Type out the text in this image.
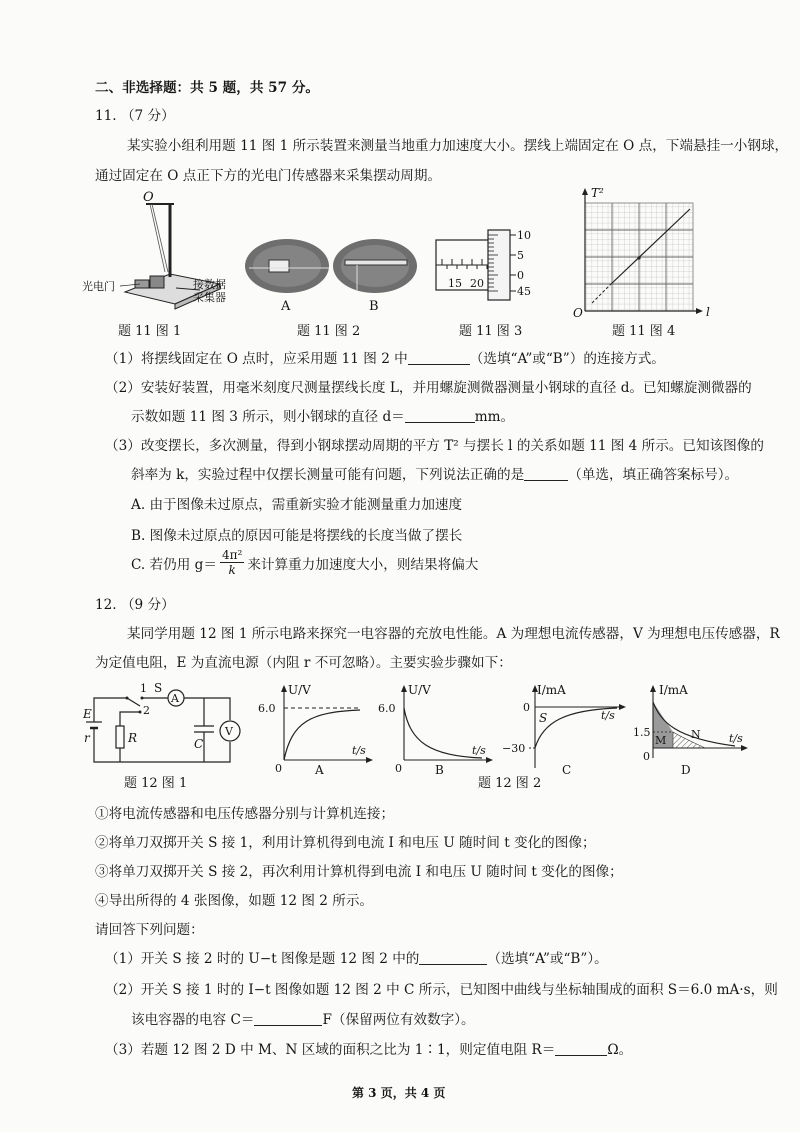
二、非选择题：共 5 题，共 57 分。
11. （7 分）
某实验小组利用题 11 图 1 所示装置来测量当地重力加速度大小。摆线上端固定在 O 点，下端悬挂一小钢球，
通过固定在 O 点正下方的光电门传感器来采集摆动周期。
O
光电门	接数据
采集器
题 11 图 1
A	B
题 11 图 2
10
5
0
45
15 20
题 11 图 3
T²
l
O
题 11 图 4
（1）将摆线固定在 O 点时，应采用题 11 图 2 中	（选填“A”或“B”）的连接方式。
（2）安装好装置，用毫米刻度尺测量摆线长度 L，并用螺旋测微器测量小钢球的直径 d。已知螺旋测微器的
示数如题 11 图 3 所示，则小钢球的直径 d＝	mm。
（3）改变摆长，多次测量，得到小钢球摆动周期的平方 T² 与摆长 l 的关系如题 11 图 4 所示。已知该图像的
斜率为 k，实验过程中仅摆长测量可能有问题，下列说法正确的是	（单选，填正确答案标号）。
A. 由于图像未过原点，需重新实验才能测量重力加速度
B. 图像未过原点的原因可能是将摆线的长度当做了摆长
C. 若仍用 $g= \frac{\text{4π²}}{k}$ 来计算重力加速度大小，则结果将偏大
12. （9 分）
某同学用题 12 图 1 所示电路来探究一电容器的充放电性能。A 为理想电流传感器，V 为理想电压传感器，R
为定值电阻，E 为直流电源（内阻 r 不可忽略）。主要实验步骤如下：
1 S
2
A
V
E
r	R	C
题 12 图 1
U/V
6.0
0
t/s
A
U/V
6.0
0
t/s
B
I/mA
0
−30
S	t/s
C
题 12 图 2
I/mA
1.5
0
M N	t/s
D
①将电流传感器和电压传感器分别与计算机连接；
②将单刀双掷开关 S 接 1，利用计算机得到电流 I 和电压 U 随时间 t 变化的图像；
③将单刀双掷开关 S 接 2，再次利用计算机得到电流 I 和电压 U 随时间 t 变化的图像；
④导出所得的 4 张图像，如题 12 图 2 所示。
请回答下列问题：
（1）开关 S 接 2 时的 U−t 图像是题 12 图 2 中的	（选填“A”或“B”）。
（2）开关 S 接 1 时的 I−t 图像如题 12 图 2 中 C 所示，已知图中曲线与坐标轴围成的面积 S＝6.0 mA·s，则
该电容器的电容 C＝	F（保留两位有效数字）。
（3）若题 12 图 2 D 中 M、N 区域的面积之比为 1∶1，则定值电阻 R＝	Ω。
第 3 页，共 4 页
